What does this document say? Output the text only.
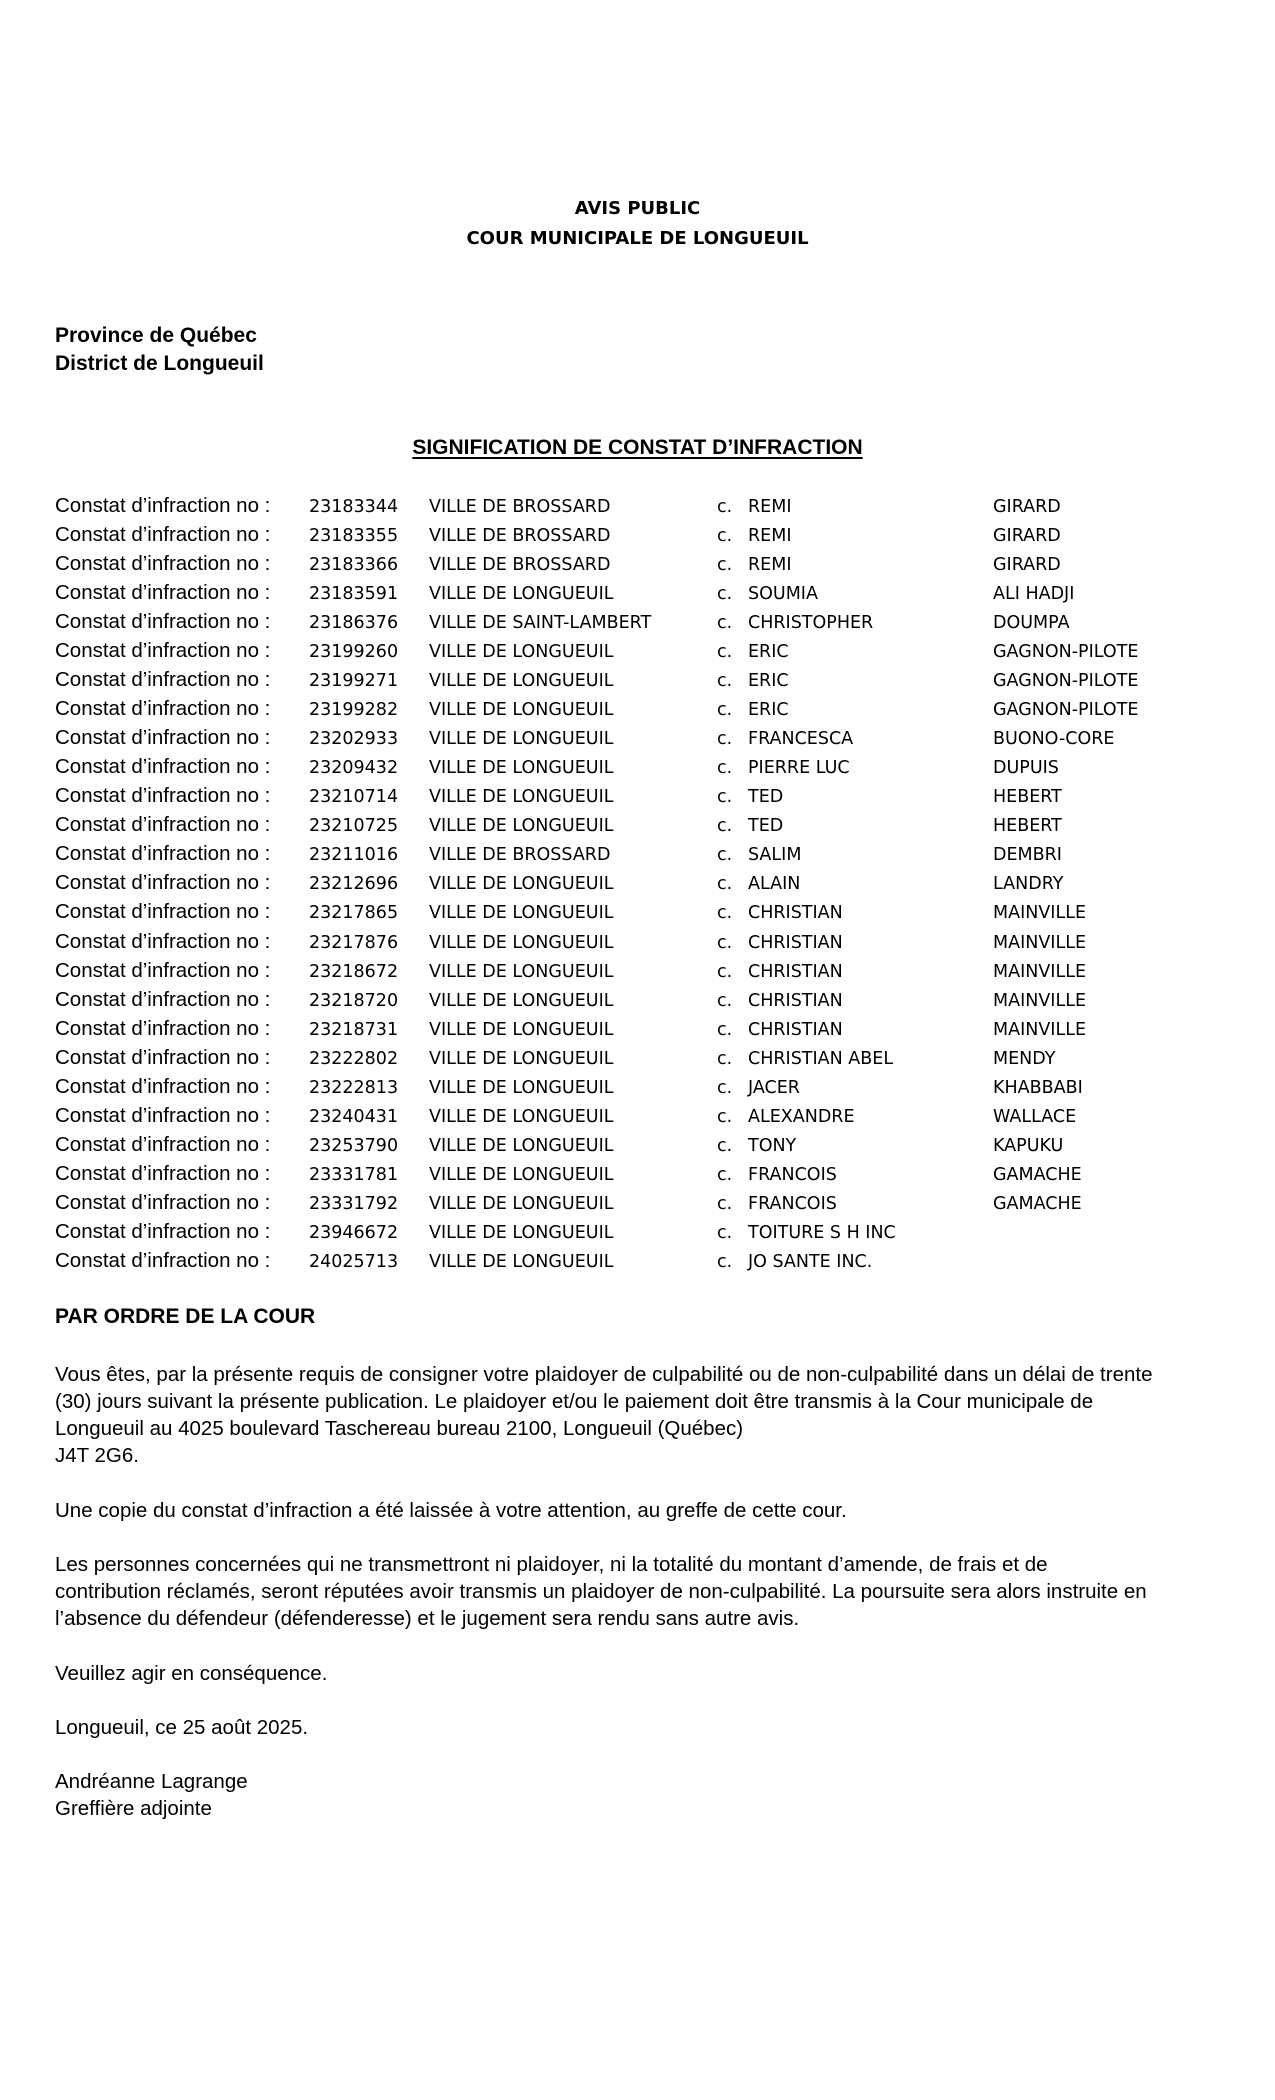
AVIS PUBLIC
COUR MUNICIPALE DE LONGUEUIL
Province de Québec
District de Longueuil
SIGNIFICATION DE CONSTAT D’INFRACTION
Constat d’infraction no : 23183344 VILLE DE BROSSARD	c. REMI	GIRARD
Constat d’infraction no : 23183355 VILLE DE BROSSARD	c. REMI	GIRARD
Constat d’infraction no : 23183366 VILLE DE BROSSARD	c. REMI	GIRARD
Constat d’infraction no : 23183591 VILLE DE LONGUEUIL	c. SOUMIA	ALI HADJI
Constat d’infraction no : 23186376 VILLE DE SAINT-LAMBERT	c. CHRISTOPHER	DOUMPA
Constat d’infraction no : 23199260 VILLE DE LONGUEUIL	c. ERIC	GAGNON-PILOTE
Constat d’infraction no : 23199271 VILLE DE LONGUEUIL	c. ERIC	GAGNON-PILOTE
Constat d’infraction no : 23199282 VILLE DE LONGUEUIL	c. ERIC	GAGNON-PILOTE
Constat d’infraction no : 23202933 VILLE DE LONGUEUIL	c. FRANCESCA	BUONO-CORE
Constat d’infraction no : 23209432 VILLE DE LONGUEUIL	c. PIERRE LUC	DUPUIS
Constat d’infraction no : 23210714 VILLE DE LONGUEUIL	c. TED	HEBERT
Constat d’infraction no : 23210725 VILLE DE LONGUEUIL	c. TED	HEBERT
Constat d’infraction no : 23211016 VILLE DE BROSSARD	c. SALIM	DEMBRI
Constat d’infraction no : 23212696 VILLE DE LONGUEUIL	c. ALAIN	LANDRY
Constat d’infraction no : 23217865 VILLE DE LONGUEUIL	c. CHRISTIAN	MAINVILLE
Constat d’infraction no : 23217876 VILLE DE LONGUEUIL	c. CHRISTIAN	MAINVILLE
Constat d’infraction no : 23218672 VILLE DE LONGUEUIL	c. CHRISTIAN	MAINVILLE
Constat d’infraction no : 23218720 VILLE DE LONGUEUIL	c. CHRISTIAN	MAINVILLE
Constat d’infraction no : 23218731 VILLE DE LONGUEUIL	c. CHRISTIAN	MAINVILLE
Constat d’infraction no : 23222802 VILLE DE LONGUEUIL	c. CHRISTIAN ABEL	MENDY
Constat d’infraction no : 23222813 VILLE DE LONGUEUIL	c. JACER	KHABBABI
Constat d’infraction no : 23240431 VILLE DE LONGUEUIL	c. ALEXANDRE	WALLACE
Constat d’infraction no : 23253790 VILLE DE LONGUEUIL	c. TONY	KAPUKU
Constat d’infraction no : 23331781 VILLE DE LONGUEUIL	c. FRANCOIS	GAMACHE
Constat d’infraction no : 23331792 VILLE DE LONGUEUIL	c. FRANCOIS	GAMACHE
Constat d’infraction no : 23946672 VILLE DE LONGUEUIL	c. TOITURE S H INC
Constat d’infraction no : 24025713 VILLE DE LONGUEUIL	c. JO SANTE INC.
PAR ORDRE DE LA COUR
Vous êtes, par la présente requis de consigner votre plaidoyer de culpabilité ou de non-culpabilité dans un délai de trente
(30) jours suivant la présente publication. Le plaidoyer et/ou le paiement doit être transmis à la Cour municipale de
Longueuil au 4025 boulevard Taschereau bureau 2100, Longueuil (Québec)
J4T 2G6.
Une copie du constat d’infraction a été laissée à votre attention, au greffe de cette cour.
Les personnes concernées qui ne transmettront ni plaidoyer, ni la totalité du montant d’amende, de frais et de
contribution réclamés, seront réputées avoir transmis un plaidoyer de non-culpabilité. La poursuite sera alors instruite en
l’absence du défendeur (défenderesse) et le jugement sera rendu sans autre avis.
Veuillez agir en conséquence.
Longueuil, ce 25 août 2025.
Andréanne Lagrange
Greffière adjointe
